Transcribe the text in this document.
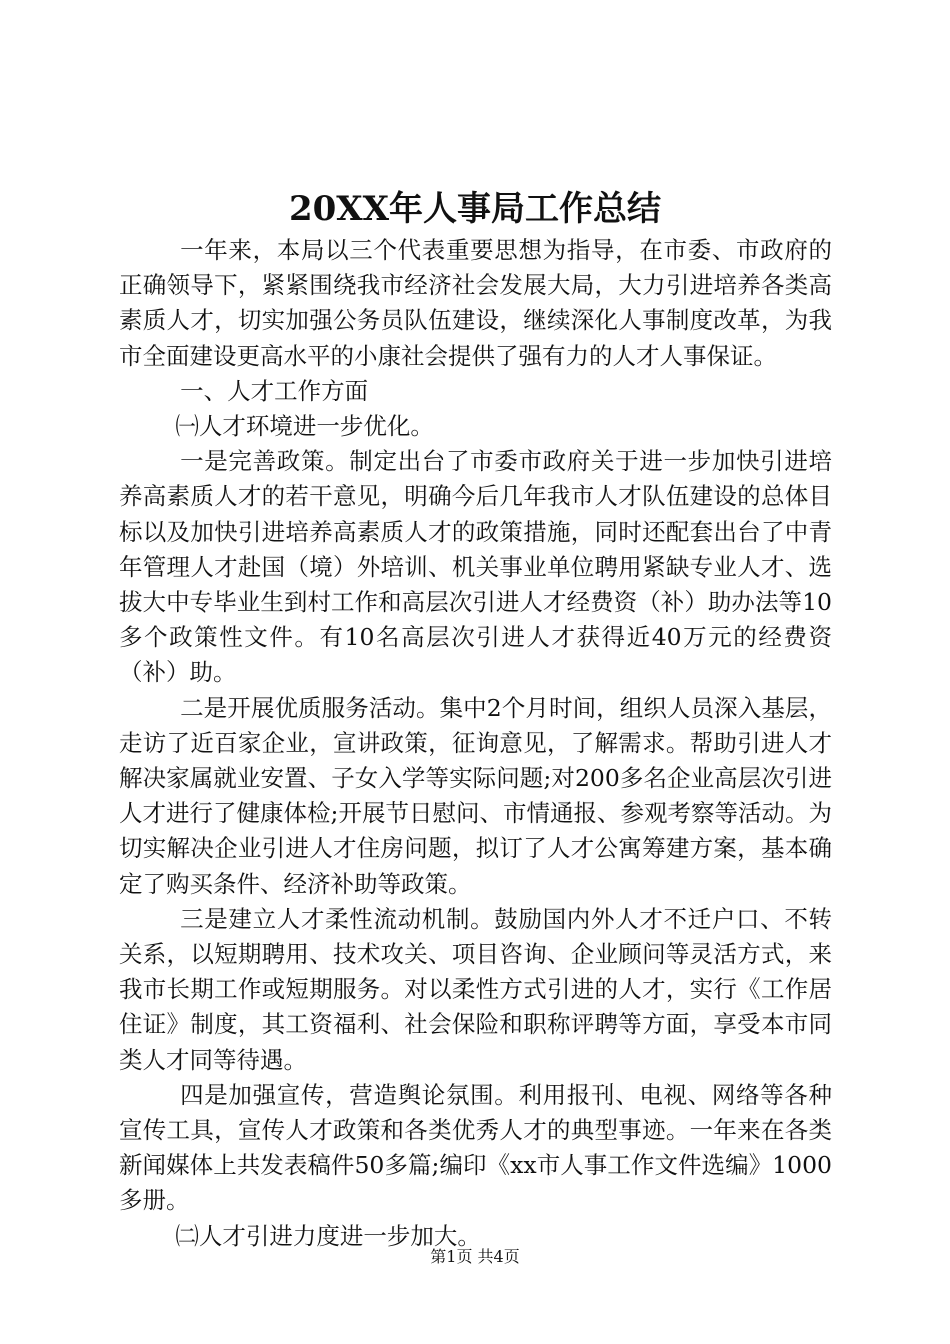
20XX年人事局工作总结

一年来，本局以三个代表重要思想为指导，在市委、市政府的正确领导下，紧紧围绕我市经济社会发展大局，大力引进培养各类高素质人才，切实加强公务员队伍建设，继续深化人事制度改革，为我市全面建设更高水平的小康社会提供了强有力的人才人事保证。

一、人才工作方面

㈠人才环境进一步优化。

一是完善政策。制定出台了市委市政府关于进一步加快引进培养高素质人才的若干意见，明确今后几年我市人才队伍建设的总体目标以及加快引进培养高素质人才的政策措施，同时还配套出台了中青年管理人才赴国（境）外培训、机关事业单位聘用紧缺专业人才、选拔大中专毕业生到村工作和高层次引进人才经费资（补）助办法等10多个政策性文件。有10名高层次引进人才获得近40万元的经费资（补）助。

二是开展优质服务活动。集中2个月时间，组织人员深入基层，走访了近百家企业，宣讲政策，征询意见，了解需求。帮助引进人才解决家属就业安置、子女入学等实际问题;对200多名企业高层次引进人才进行了健康体检;开展节日慰问、市情通报、参观考察等活动。为切实解决企业引进人才住房问题，拟订了人才公寓筹建方案，基本确定了购买条件、经济补助等政策。

三是建立人才柔性流动机制。鼓励国内外人才不迁户口、不转关系，以短期聘用、技术攻关、项目咨询、企业顾问等灵活方式，来我市长期工作或短期服务。对以柔性方式引进的人才，实行《工作居住证》制度，其工资福利、社会保险和职称评聘等方面，享受本市同类人才同等待遇。

四是加强宣传，营造舆论氛围。利用报刊、电视、网络等各种宣传工具，宣传人才政策和各类优秀人才的典型事迹。一年来在各类新闻媒体上共发表稿件50多篇;编印《xx市人事工作文件选编》1000多册。

㈡人才引进力度进一步加大。

第1页 共4页
